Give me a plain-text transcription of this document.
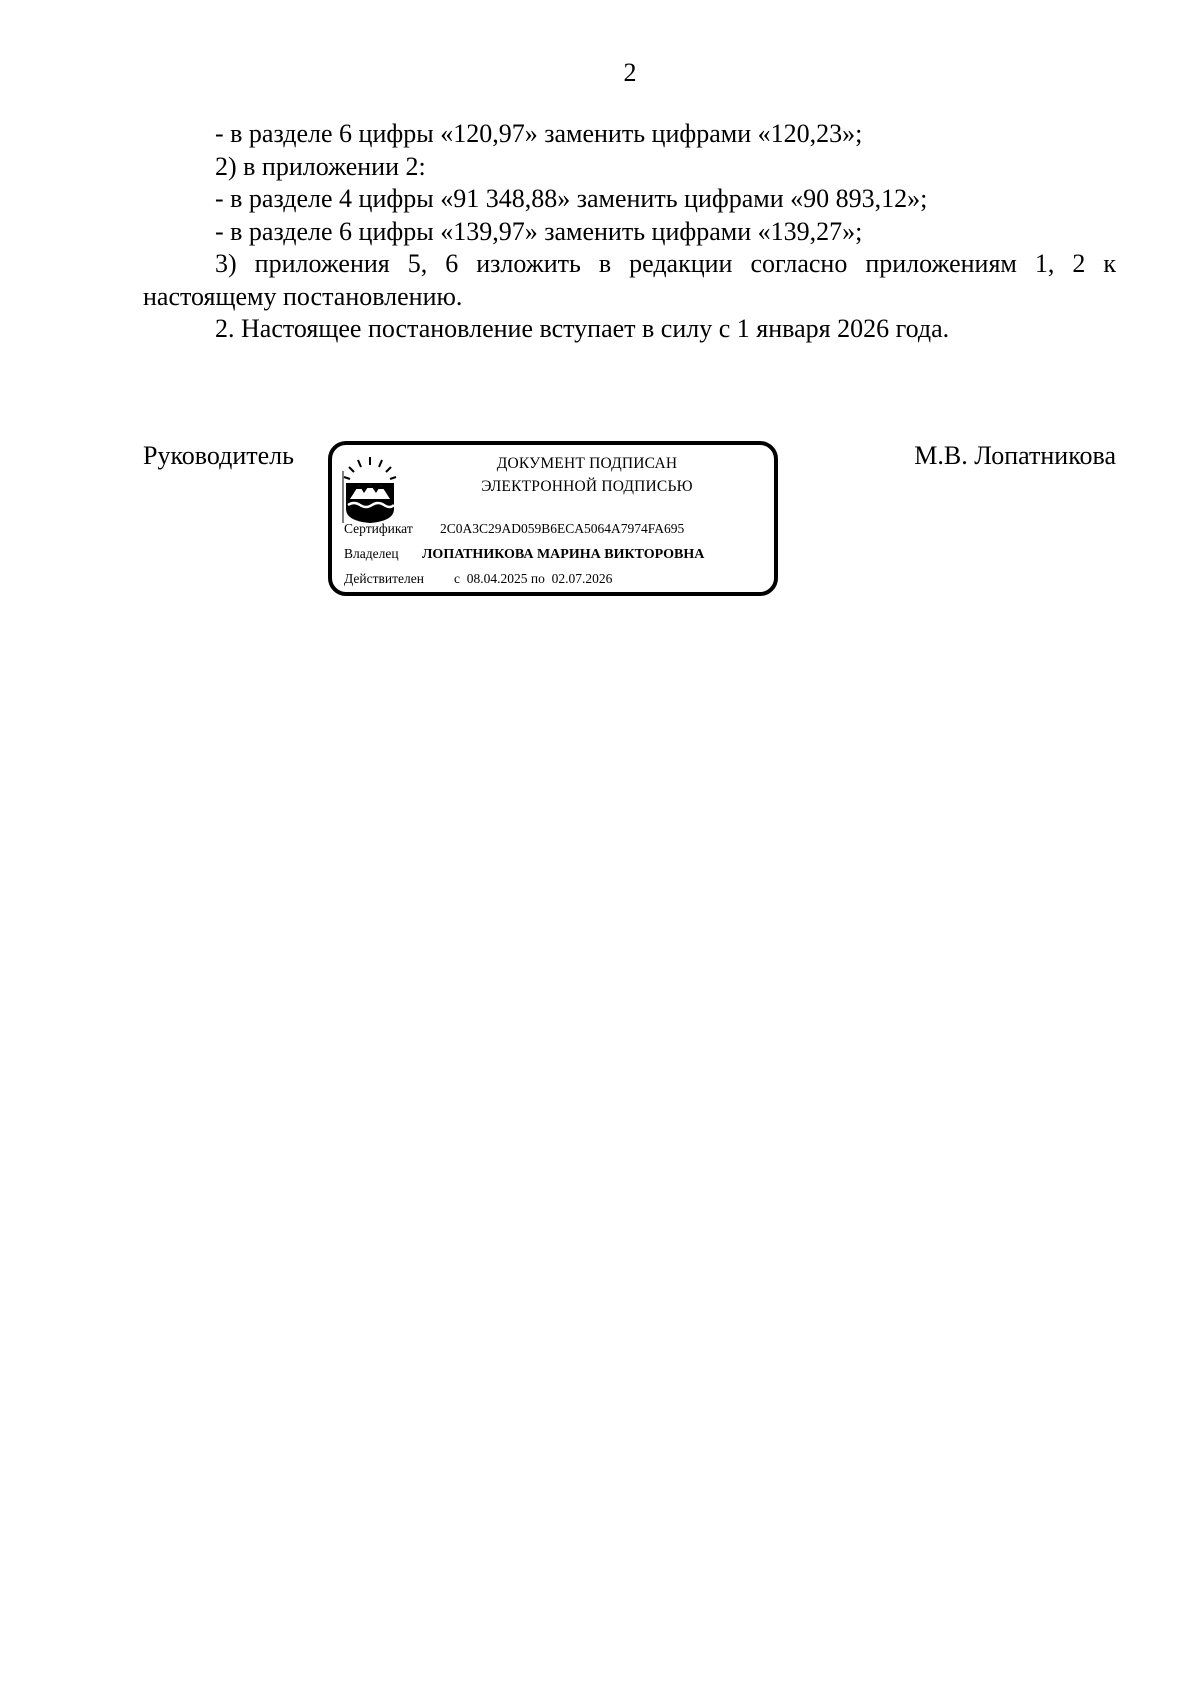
2

- в разделе 6 цифры «120,97» заменить цифрами «120,23»;

2) в приложении 2:

- в разделе 4 цифры «91 348,88» заменить цифрами «90 893,12»;

- в разделе 6 цифры «139,97» заменить цифрами «139,27»;

3) приложения 5, 6 изложить в редакции согласно приложениям 1, 2 к настоящему постановлению.

2. Настоящее постановление вступает в силу с 1 января 2026 года.

Руководитель	ДОКУМЕНТ ПОДПИСАН
ЭЛЕКТРОННОЙ ПОДПИСЬЮ
Сертификат 2C0A3C29AD059B6ECA5064A7974FA695
Владелец ЛОПАТНИКОВА МАРИНА ВИКТОРОВНА
Действителен с  08.04.2025 по  02.07.2026
М.В. Лопатникова
